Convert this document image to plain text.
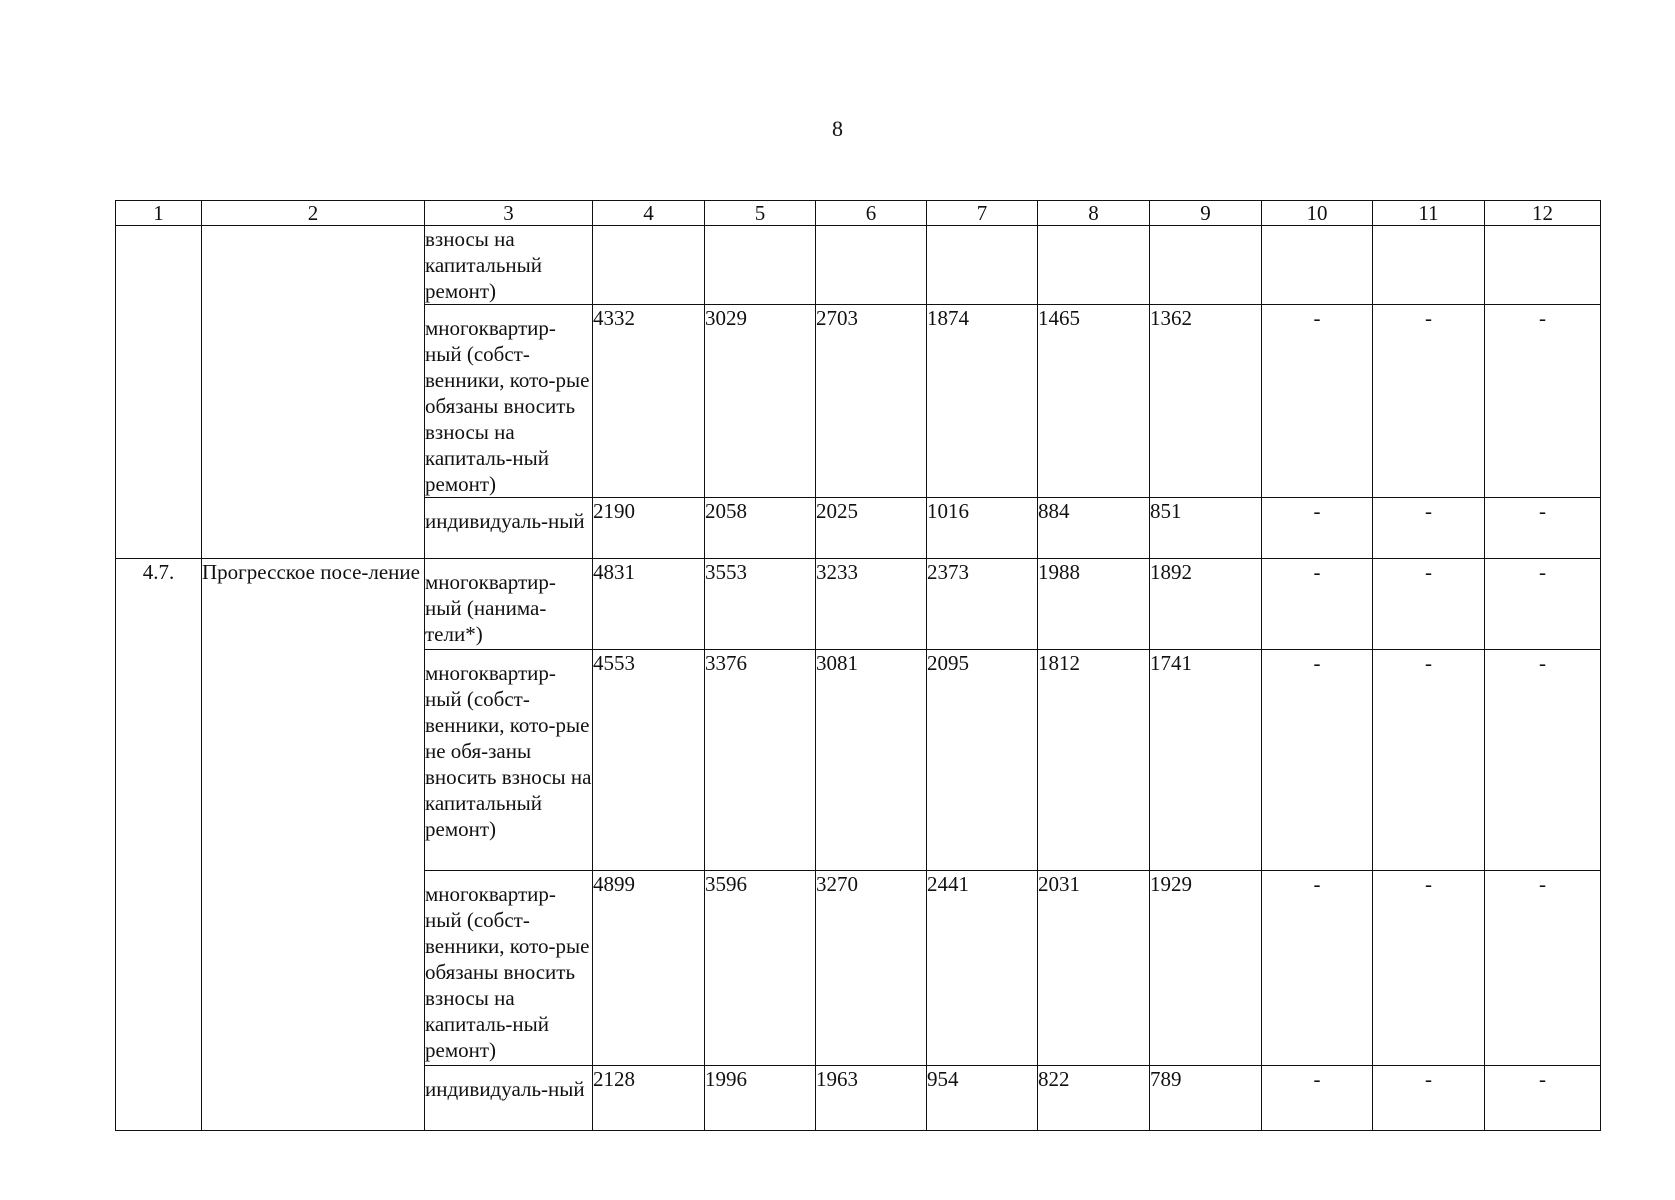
8
1	2	3	4	5	6	7	8	9	10	11	12
		взносы на капитальный ремонт)									
		многоквартир-ный (собст-венники, кото-рые обязаны вносить взносы на капиталь-ный ремонт)	4332	3029	2703	1874	1465	1362	-	-	-
		индивидуаль-ный	2190	2058	2025	1016	884	851	-	-	-
4.7.	Прогресское посе-ление	многоквартир-ный (нанима-тели*)	4831	3553	3233	2373	1988	1892	-	-	-
		многоквартир-ный (собст-венники, кото-рые не обя-заны вносить взносы на капитальный ремонт)	4553	3376	3081	2095	1812	1741	-	-	-
		многоквартир-ный (собст-венники, кото-рые обязаны вносить взносы на капиталь-ный ремонт)	4899	3596	3270	2441	2031	1929	-	-	-
		индивидуаль-ный	2128	1996	1963	954	822	789	-	-	-
